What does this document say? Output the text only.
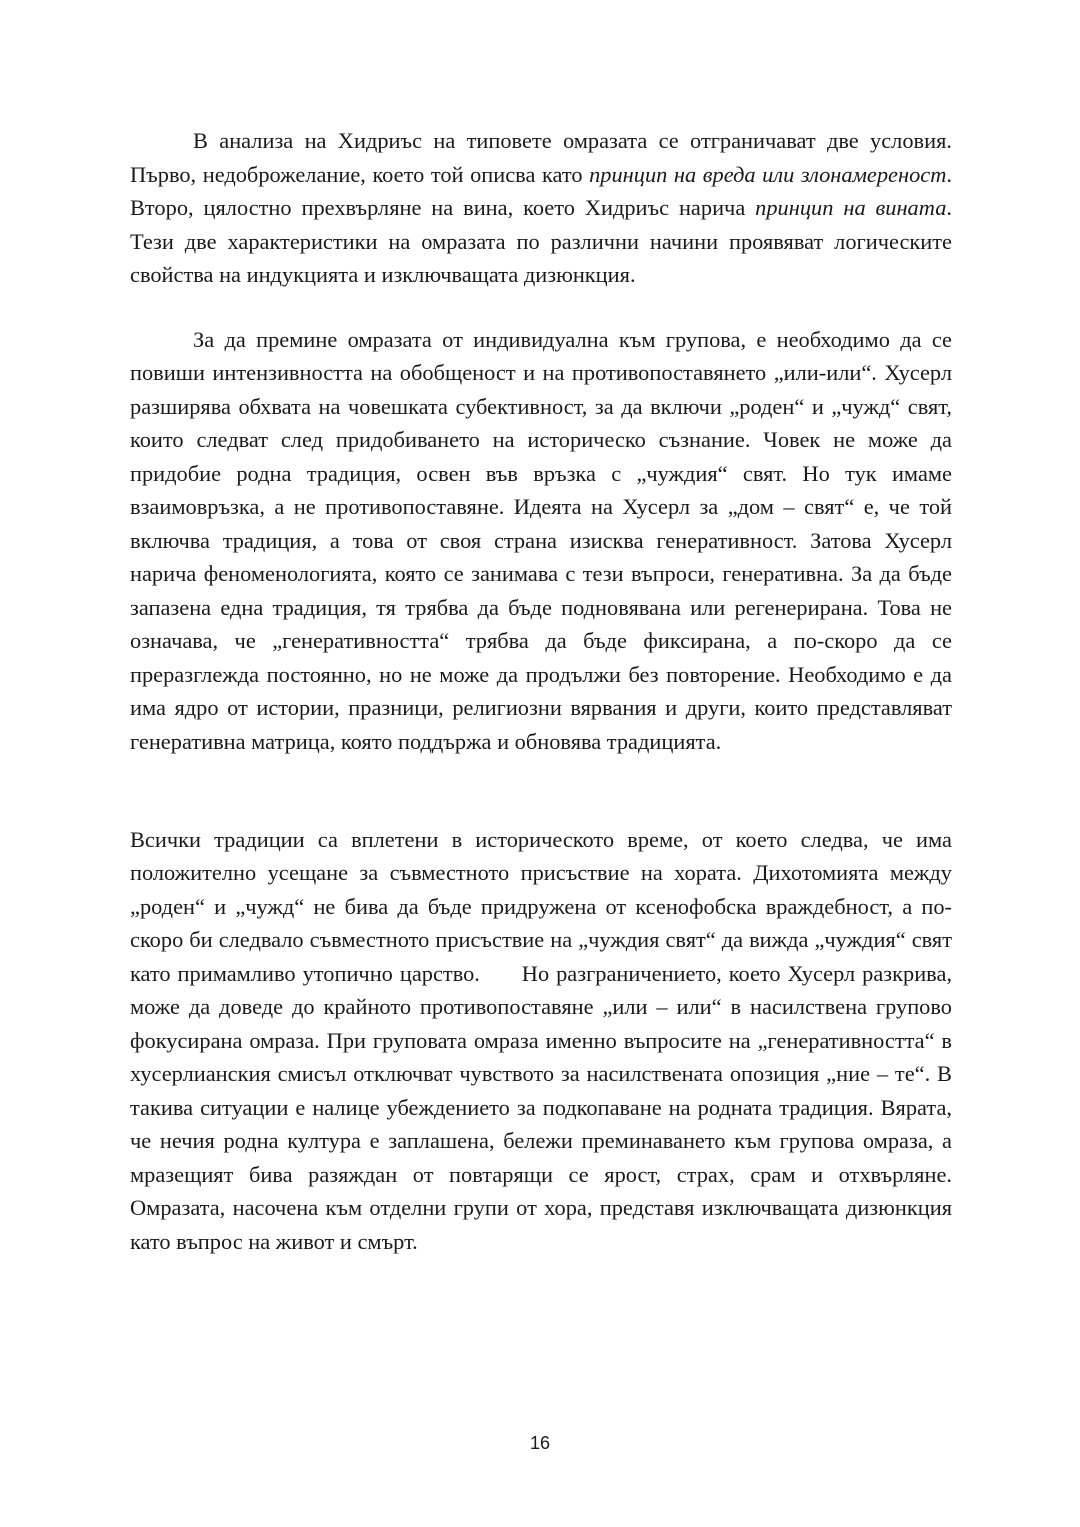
В анализа на Хидриъс на типовете омразата се отграничават две условия. Първо, недоброжелание, което той описва като принцип на вреда или злонамереност. Второ, цялостно прехвърляне на вина, което Хидриъс нарича принцип на вината. Тези две характеристики на омразата по различни начини проявяват логическите свойства на индукцията и изключващата дизюнкция.

За да премине омразата от индивидуална към групова, е необходимо да се повиши интензивността на обобщеност и на противопоставянето „или-или“. Хусерл разширява обхвата на човешката субективност, за да включи „роден“ и „чужд“ свят, които следват след придобиването на историческо съзнание. Човек не може да придобие родна традиция, освен във връзка с „чуждия“ свят. Но тук имаме взаимовръзка, а не противопоставяне. Идеята на Хусерл за „дом – свят“ е, че той включва традиция, а това от своя страна изисква генеративност. Затова Хусерл нарича феноменологията, която се занимава с тези въпроси, генеративна. За да бъде запазена една традиция, тя трябва да бъде подновявана или регенерирана. Това не означава, че „генеративността“ трябва да бъде фиксирана, а по-скоро да се преразглежда постоянно, но не може да продължи без повторение. Необходимо е да има ядро от истории, празници, религиозни вярвания и други, които представляват генеративна матрица, която поддържа и обновява традицията.

Всички традиции са вплетени в историческото време, от което следва, че има положително усещане за съвместното присъствие на хората. Дихотомията между „роден“ и „чужд“ не бива да бъде придружена от ксенофобска враждебност, а по-скоро би следвало съвместното присъствие на „чуждия свят“ да вижда „чуждия“ свят като примамливо утопично царство.      Но разграничението, което Хусерл разкрива, може да доведе до крайното противопоставяне „или – или“ в насилствена групово фокусирана омраза. При груповата омраза именно въпросите на „генеративността“ в хусерлианския смисъл отключват чувството за насилствената опозиция „ние – те“. В такива ситуации е налице убеждението за подкопаване на родната традиция. Вярата, че нечия родна култура е заплашена, бележи преминаването към групова омраза, а мразещият бива разяждан от повтарящи се ярост, страх, срам и отхвърляне. Омразата, насочена към отделни групи от хора, представя изключващата дизюнкция като въпрос на живот и смърт.

16
